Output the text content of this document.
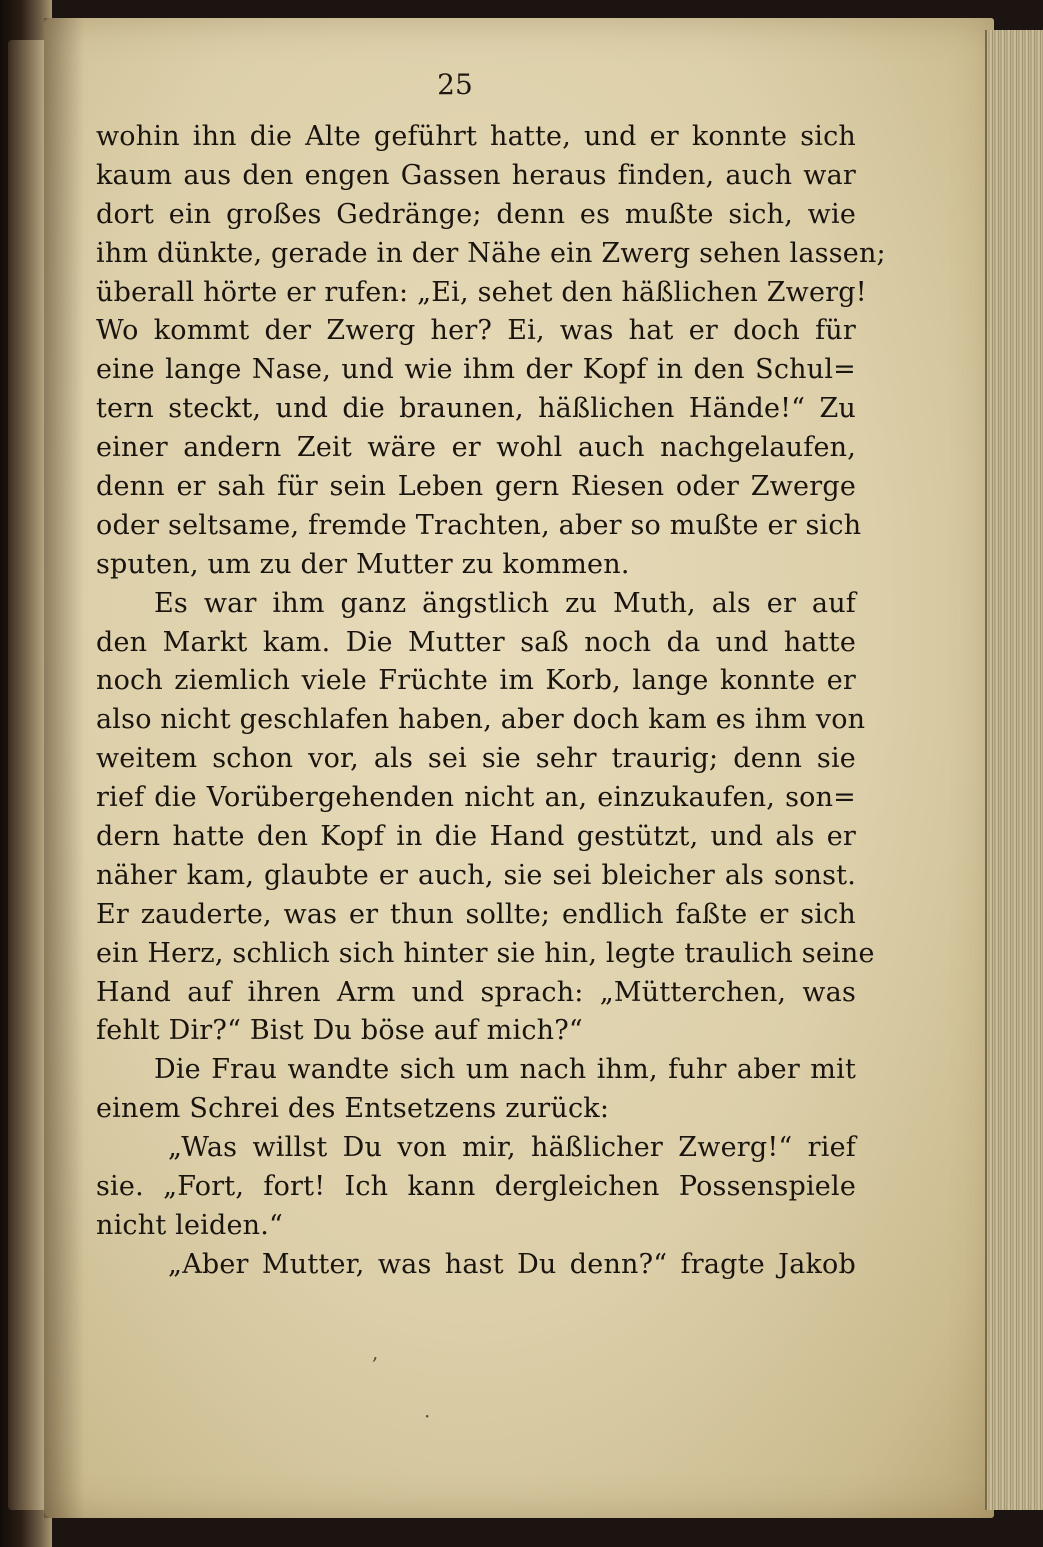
25
wohin ihn die Alte geführt hatte, und er konnte sich
kaum aus den engen Gassen heraus finden, auch war
dort ein großes Gedränge; denn es mußte sich, wie
ihm dünkte, gerade in der Nähe ein Zwerg sehen lassen;
überall hörte er rufen: „Ei, sehet den häßlichen Zwerg!
Wo kommt der Zwerg her? Ei, was hat er doch für
eine lange Nase, und wie ihm der Kopf in den Schul=
tern steckt, und die braunen, häßlichen Hände!“ Zu
einer andern Zeit wäre er wohl auch nachgelaufen,
denn er sah für sein Leben gern Riesen oder Zwerge
oder seltsame, fremde Trachten, aber so mußte er sich
sputen, um zu der Mutter zu kommen.
Es war ihm ganz ängstlich zu Muth, als er auf
den Markt kam. Die Mutter saß noch da und hatte
noch ziemlich viele Früchte im Korb, lange konnte er
also nicht geschlafen haben, aber doch kam es ihm von
weitem schon vor, als sei sie sehr traurig; denn sie
rief die Vorübergehenden nicht an, einzukaufen, son=
dern hatte den Kopf in die Hand gestützt, und als er
näher kam, glaubte er auch, sie sei bleicher als sonst.
Er zauderte, was er thun sollte; endlich faßte er sich
ein Herz, schlich sich hinter sie hin, legte traulich seine
Hand auf ihren Arm und sprach: „Mütterchen, was
fehlt Dir?“ Bist Du böse auf mich?“
Die Frau wandte sich um nach ihm, fuhr aber mit
einem Schrei des Entsetzens zurück:
„Was willst Du von mir, häßlicher Zwerg!“ rief
sie. „Fort, fort! Ich kann dergleichen Possenspiele
nicht leiden.“
„Aber Mutter, was hast Du denn?“ fragte Jakob
,
·
